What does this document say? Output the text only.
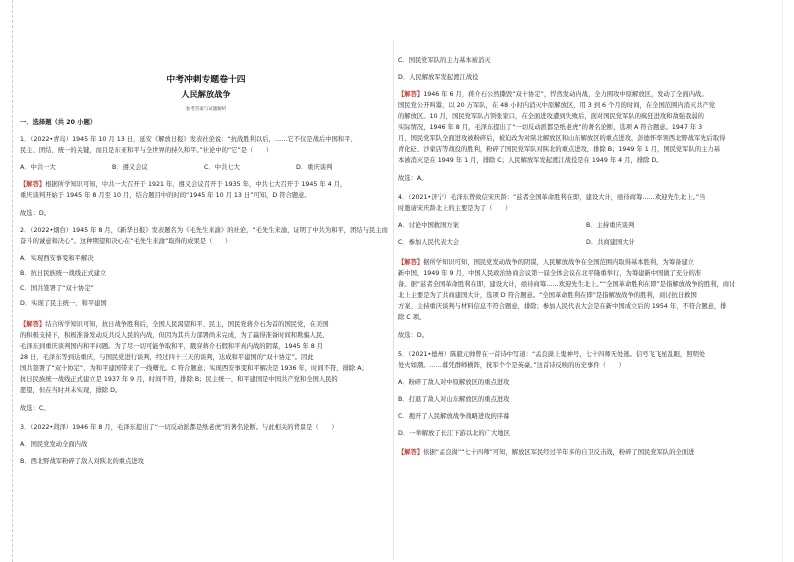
中考冲刺专题卷十四
人民解放战争
参考答案与试题解析
一．选择题（共 20 小题）
1．（2022•青岛）1945 年 10 月 13 日，延安《解放日报》发表社论说：“抗战胜利以后，……它不仅是战后中国和平、
民主、团结、统一的关键，而且是东亚和平与全世界的持久和平。”社论中的“它”是（　　）
A．中共一大	B．遵义会议	C．中共七大	D．重庆谈判
【解答】根据所学知识可知，中共一大召开于 1921 年，遵义会议召开于 1935 年，中共七大召开于 1945 年 4 月，
重庆谈判开始于 1945 年 8 月至 10 月，结合题目中的时间“1945 年 10 月 13 日”可知，D 符合题意。
故选：D。
2．（2022•烟台）1945 年 8 月，《新华日报》发表题名为《毛先生来渝》的社论，“毛先生来渝，证明了中共为和平，团结与民主而
奋斗的诚意和决心”。这种期望和决心在“毛先生来渝”取得的成果是（　　）
A．实现西安事变和平解决
B．抗日民族统一战线正式建立
C．国共签署了“双十协定”
D．实现了民主统一、和平建国
【解答】结合所学知识可知，抗日战争胜利后，全国人民渴望和平、民主，国民党蒋介石为首的国民党，在美国
的积极支持下，积极准备发动反共反人民的内战，但因为其兵力部署尚未完成，为了赢得准备时间和欺骗人民，
毛泽东到重庆谈判国内和平问题。为了尽一切可能争取和平，戳穿蒋介石假和平真内战的阴谋，1945 年 8 月
28 日，毛泽东等到达重庆，与国民党进行谈判，经过四十三天的谈判，达成和平建国的“双十协定”。因此
国共签署了“双十协定”，为和平建国带来了一线曙光。C 符合题意；实现西安事变和平解决是 1936 年，时间不符，排除 A；
抗日民族统一战线正式建立是 1937 年 9 月，时间不符，排除 B；民主统一、和平建国是中国共产党和全国人民的
愿望，但在当时并未实现，排除 D。
故选：C。
3．（2022•菏泽）1946 年 8 月，毛泽东提出了“一切反动派都是纸老虎”的著名论断。与此相关的背景是（　　）
A．国民党发动全面内战
B．西北野战军粉碎了敌人对陕北的重点进攻
C．国民党军队的主力基本被消灭
D．人民解放军发起渡江战役
【解答】1946 年 6 月，蒋介石公然撕毁“双十协定”，悍然发动内战，全力围攻中原解放区，发动了全面内战。
国民党公开叫嚣，以 20 万军队，在 48 小时内消灭中原解放区，用 3 到 6 个月的时间，在全国范围内消灭共产党
的解放区。10 月，国民党军队占领张家口，在全面进攻遭到失败后，面对国民党军队的疯狂进攻和敌强我弱的
实际情况，1946 年 8 月，毛泽东提出了“一切反动派都是纸老虎”的著名论断，选项 A 符合题意。1947 年 3
月，国民党军队全面进攻被粉碎后，被迫改为对陕北解放区和山东解放区的重点进攻，彭德怀率领西北野战军先后取得
青化砭、沙家店等战役的胜利，粉碎了国民党军队对陕北的重点进攻，排除 B；1949 年 1 月，国民党军队的主力基
本被消灭是在 1949 年 1 月，排除 C；人民解放军发起渡江战役是在 1949 年 4 月，排除 D。
故选：A。
4．（2021•济宁）毛泽东曾致信宋庆龄：“兹者全国革命胜利在即，建设大计，亟待商筹……欢迎先生北上。”当
时邀请宋庆龄北上的主要是为了（　　）
A．讨论中国救国方案	B．主持重庆谈判
C．参加人民代表大会	D．共商建国大计
【解答】据所学知识可知，国民党发动战争的阴谋，人民解放战争在全国范围内取得基本胜利，为筹备建立
新中国，1949 年 9 月，中国人民政治协商会议第一届全体会议在北平隆重举行，为筹建新中国做了充分的准
备。据“兹者全国革命胜利在即，建设大计，亟待商筹……欢迎先生北上。”“全国革命胜利在即”是指解放战争的胜利，商讨
北上主要是为了共商建国大计，选项 D 符合题意。“全国革命胜利在即”是指解放战争的胜利，商讨抗日救国
方案、主持重庆谈判与材料信息不符合题意，排除；参加人民代表大会是在新中国成立后的 1954 年，不符合题意，排
除 C 项。
故选：D。
5．（2021•德州）陈毅元帅曾在一首诗中写道：“孟良崮上鬼神号，七十四师无处逃。信号飞飞星乱眼，照明处
处火如潮。……暮凭群师横阵，抚军个个是英豪。”这首诗反映的历史事件（　　）
A．粉碎了敌人对中原解放区的重点进攻
B．打退了敌人对山东解放区的重点进攻
C．揭开了人民解放战争战略进攻的序幕
D．一举解放了长江下游以北的广大地区
【解答】依据“孟良崮”“七十四师”可知，解放区军民经过半年多的自卫反击战，粉碎了国民党军队的全面进
